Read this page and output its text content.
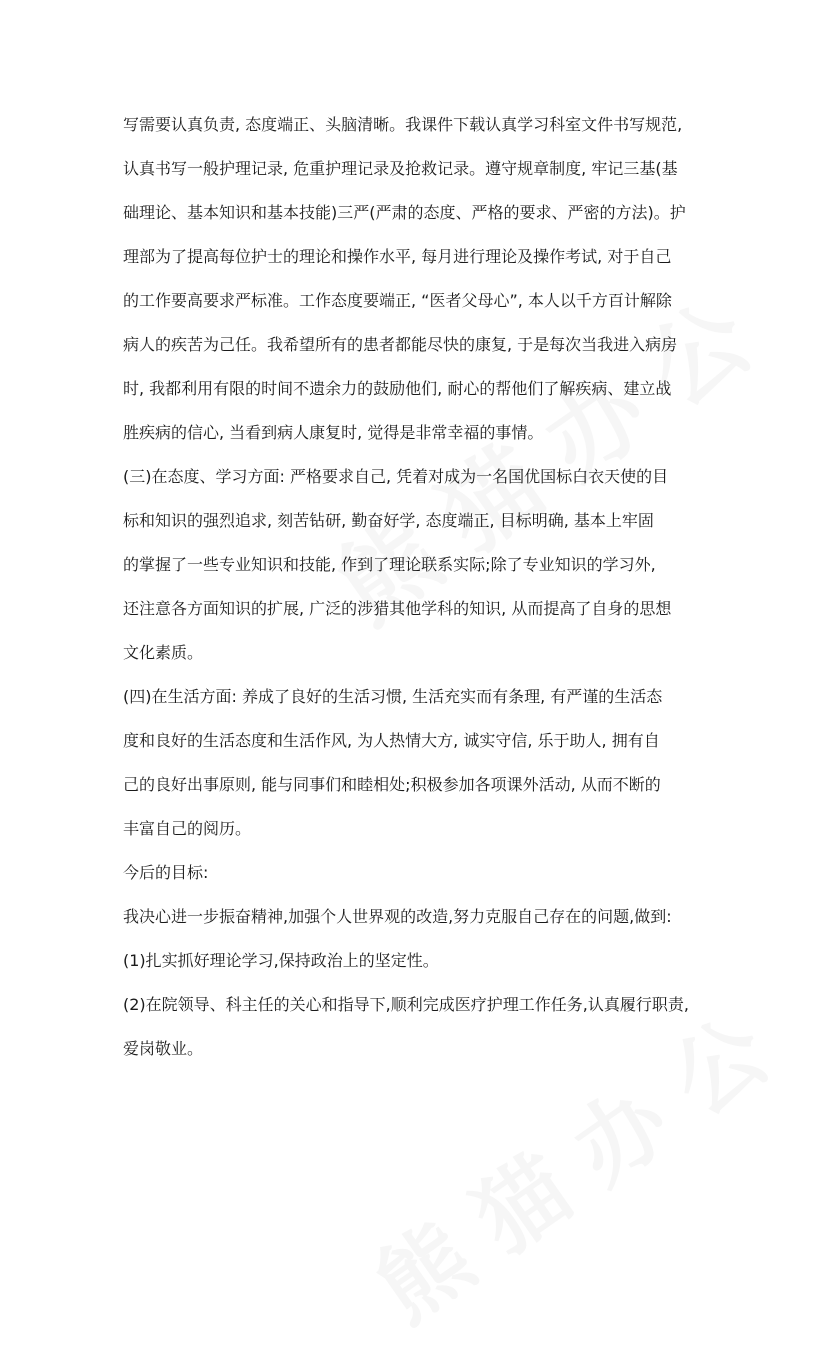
写需要认真负责, 态度端正、头脑清晰。我课件下载认真学习科室文件书写规范,
认真书写一般护理记录, 危重护理记录及抢救记录。遵守规章制度, 牢记三基(基
础理论、基本知识和基本技能)三严(严肃的态度、严格的要求、严密的方法)。护
理部为了提高每位护士的理论和操作水平, 每月进行理论及操作考试, 对于自己
的工作要高要求严标准。工作态度要端正, “医者父母心”, 本人以千方百计解除
病人的疾苦为己任。我希望所有的患者都能尽快的康复, 于是每次当我进入病房
时, 我都利用有限的时间不遗余力的鼓励他们, 耐心的帮他们了解疾病、建立战
胜疾病的信心, 当看到病人康复时, 觉得是非常幸福的事情。
(三)在态度、学习方面: 严格要求自己, 凭着对成为一名国优国标白衣天使的目
标和知识的强烈追求, 刻苦钻研, 勤奋好学, 态度端正, 目标明确, 基本上牢固
的掌握了一些专业知识和技能, 作到了理论联系实际;除了专业知识的学习外,
还注意各方面知识的扩展, 广泛的涉猎其他学科的知识, 从而提高了自身的思想
文化素质。
(四)在生活方面: 养成了良好的生活习惯, 生活充实而有条理, 有严谨的生活态
度和良好的生活态度和生活作风, 为人热情大方, 诚实守信, 乐于助人, 拥有自
己的良好出事原则, 能与同事们和睦相处;积极参加各项课外活动, 从而不断的
丰富自己的阅历。
今后的目标:
我决心进一步振奋精神,加强个人世界观的改造,努力克服自己存在的问题,做到:
(1)扎实抓好理论学习,保持政治上的坚定性。
(2)在院领导、科主任的关心和指导下,顺利完成医疗护理工作任务,认真履行职责,
爱岗敬业。
